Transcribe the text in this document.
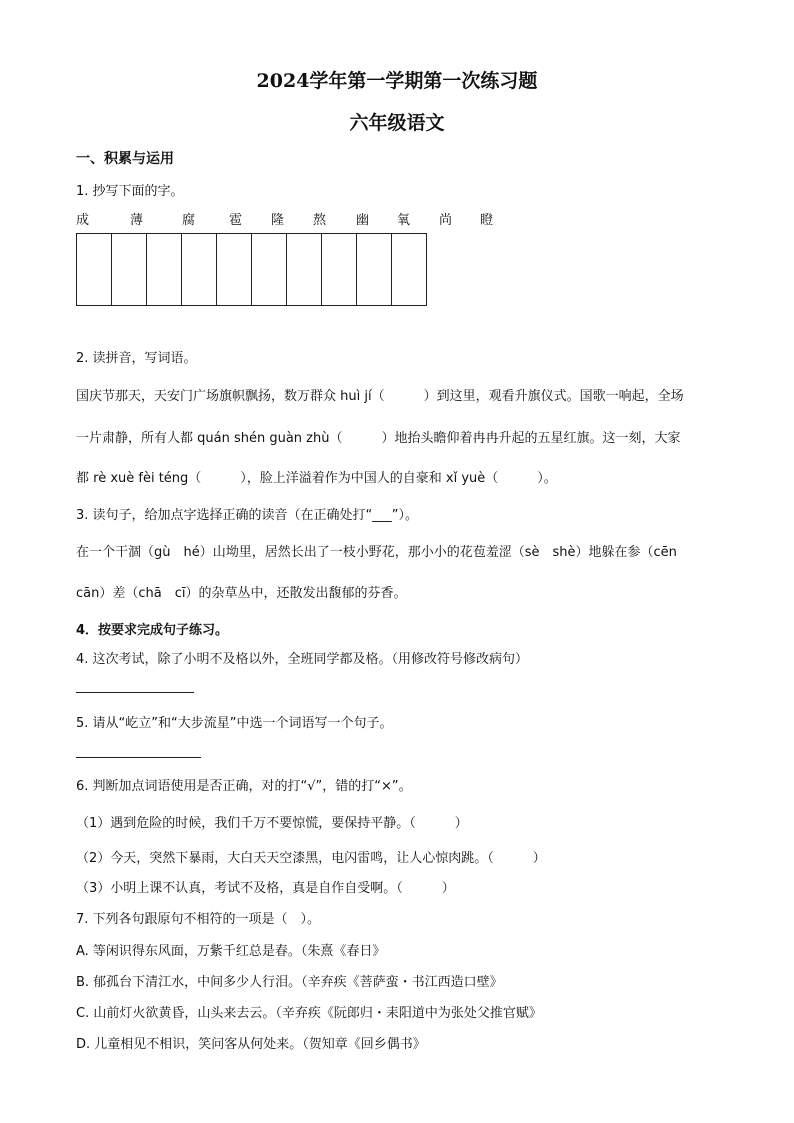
2024学年第一学期第一次练习题
六年级语文
一、积累与运用
1. 抄写下面的字。
成	薄	腐	雹 隆 熬 幽 氧 尚 瞪

2. 读拼音，写词语。
国庆节那天，天安门广场旗帜飘扬，数万群众 huì jí（　　　）到这里，观看升旗仪式。国歌一响起，全场
一片肃静，所有人都 quán shén guàn zhù（　　　）地抬头瞻仰着冉冉升起的五星红旗。这一刻，大家
都 rè xuè fèi téng（　　　），脸上洋溢着作为中国人的自豪和 xǐ yuè（　　　）。
3. 读句子，给加点字选择正确的读音（在正确处打“___”）。
在一个干涸（gù　hé）山坳里，居然长出了一枝小野花，那小小的花苞羞涩（sè　shè）地躲在参（cēn
cān）差（chā　cī）的杂草丛中，还散发出馥郁的芬香。
4．按要求完成句子练习。
4. 这次考试，除了小明不及格以外，全班同学都及格。（用修改符号修改病句）
5. 请从“屹立”和“大步流星”中选一个词语写一个句子。
6. 判断加点词语使用是否正确，对的打“√”，错的打“×”。
（1）遇到危险的时候，我们千万不要惊慌，要保持平静。（　　　）
（2）今天，突然下暴雨，大白天天空漆黑，电闪雷鸣，让人心惊肉跳。（　　　）
（3）小明上课不认真，考试不及格，真是自作自受啊。（　　　）
7. 下列各句跟原句不相符的一项是（　）。
A. 等闲识得东风面，万紫千红总是春。（朱熹《春日》
B. 郁孤台下清江水，中间多少人行泪。（辛弃疾《菩萨蛮・书江西造口壁》
C. 山前灯火欲黄昏，山头来去云。（辛弃疾《阮郎归・耒阳道中为张处父推官赋》
D. 儿童相见不相识，笑问客从何处来。（贺知章《回乡偶书》
